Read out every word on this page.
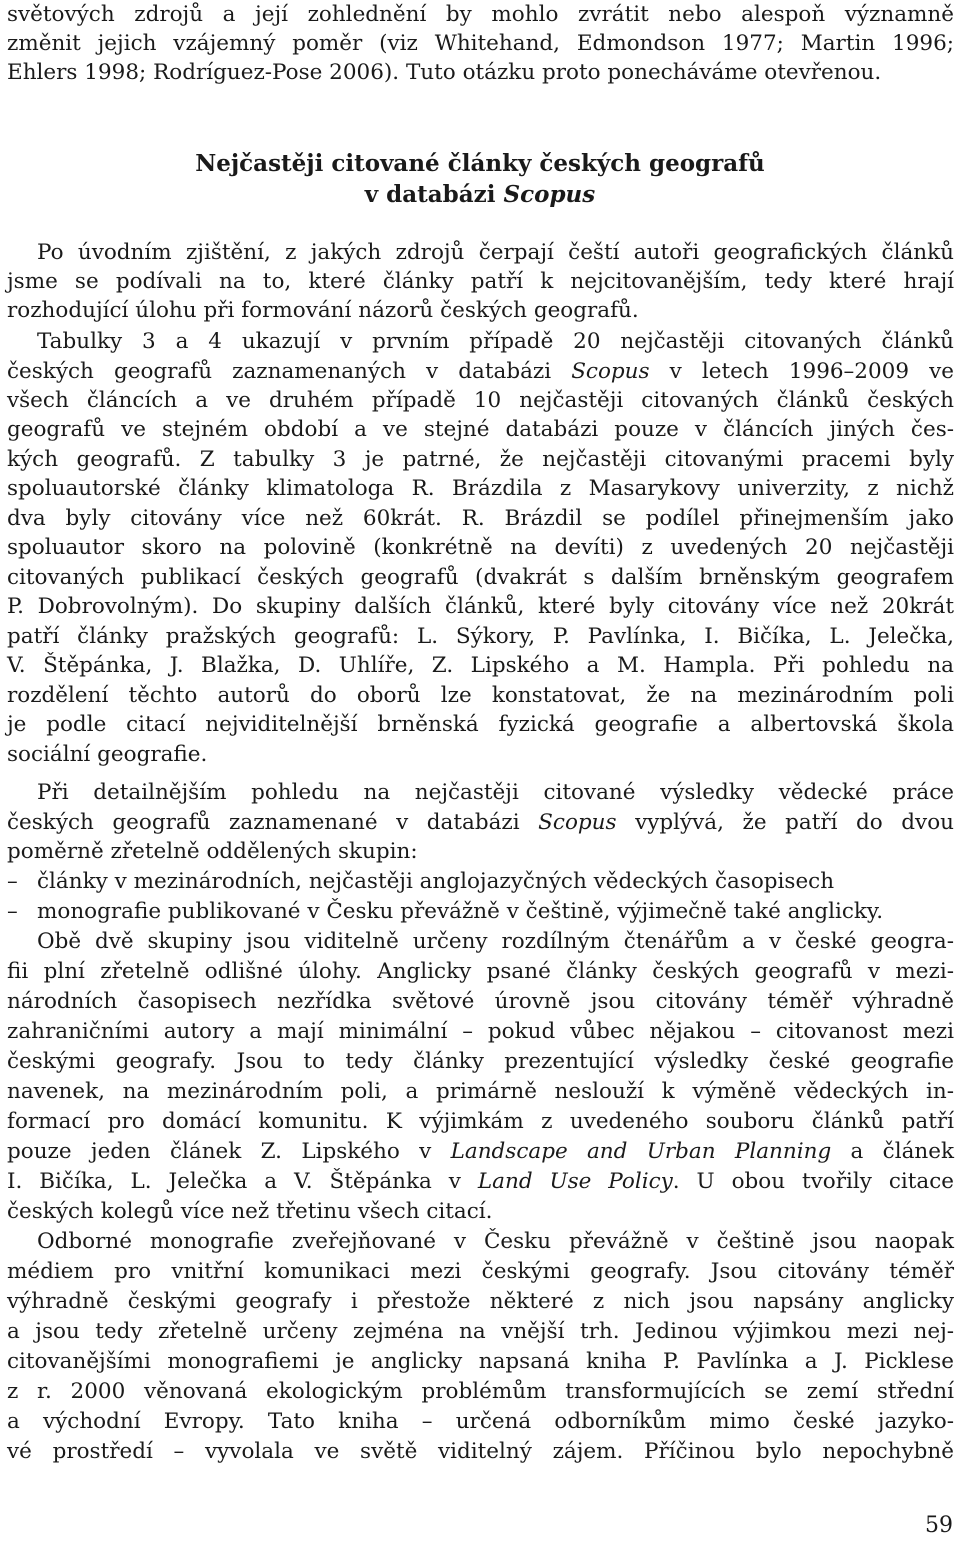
světových zdrojů a její zohlednění by mohlo zvrátit nebo alespoň významně
změnit jejich vzájemný poměr (viz Whitehand, Edmondson 1977; Martin 1996;
Ehlers 1998; Rodríguez-Pose 2006). Tuto otázku proto ponecháváme otevřenou.
Nejčastěji citované články českých geografů
v databázi Scopus
Po úvodním zjištění, z jakých zdrojů čerpají čeští autoři geografických článků
jsme se podívali na to, které články patří k nejcitovanějším, tedy které hrají
rozhodující úlohu při formování názorů českých geografů.
Tabulky 3 a 4 ukazují v prvním případě 20 nejčastěji citovaných článků
českých geografů zaznamenaných v databázi Scopus v letech 1996–2009 ve
všech článcích a ve druhém případě 10 nejčastěji citovaných článků českých
geografů ve stejném období a ve stejné databázi pouze v článcích jiných čes-
kých geografů. Z tabulky 3 je patrné, že nejčastěji citovanými pracemi byly
spoluautorské články klimatologa R. Brázdila z Masarykovy univerzity, z nichž
dva byly citovány více než 60krát. R. Brázdil se podílel přinejmenším jako
spoluautor skoro na polovině (konkrétně na devíti) z uvedených 20 nejčastěji
citovaných publikací českých geografů (dvakrát s dalším brněnským geografem
P. Dobrovolným). Do skupiny dalších článků, které byly citovány více než 20krát
patří články pražských geografů: L. Sýkory, P. Pavlínka, I. Bičíka, L. Jelečka,
V. Štěpánka, J. Blažka, D. Uhlíře, Z. Lipského a M. Hampla. Při pohledu na
rozdělení těchto autorů do oborů lze konstatovat, že na mezinárodním poli
je podle citací nejviditelnější brněnská fyzická geografie a albertovská škola
sociální geografie.
Při detailnějším pohledu na nejčastěji citované výsledky vědecké práce
českých geografů zaznamenané v databázi Scopus vyplývá, že patří do dvou
poměrně zřetelně oddělených skupin:
– články v mezinárodních, nejčastěji anglojazyčných vědeckých časopisech
– monografie publikované v Česku převážně v češtině, výjimečně také anglicky.
Obě dvě skupiny jsou viditelně určeny rozdílným čtenářům a v české geogra-
fii plní zřetelně odlišné úlohy. Anglicky psané články českých geografů v mezi-
národních časopisech nezřídka světové úrovně jsou citovány téměř výhradně
zahraničními autory a mají minimální – pokud vůbec nějakou – citovanost mezi
českými geografy. Jsou to tedy články prezentující výsledky české geografie
navenek, na mezinárodním poli, a primárně neslouží k výměně vědeckých in-
formací pro domácí komunitu. K výjimkám z uvedeného souboru článků patří
pouze jeden článek Z. Lipského v Landscape and Urban Planning a článek
I. Bičíka, L. Jelečka a V. Štěpánka v Land Use Policy. U obou tvořily citace
českých kolegů více než třetinu všech citací.
Odborné monografie zveřejňované v Česku převážně v češtině jsou naopak
médiem pro vnitřní komunikaci mezi českými geografy. Jsou citovány téměř
výhradně českými geografy i přestože některé z nich jsou napsány anglicky
a jsou tedy zřetelně určeny zejména na vnější trh. Jedinou výjimkou mezi nej-
citovanějšími monografiemi je anglicky napsaná kniha P. Pavlínka a J. Picklese
z r. 2000 věnovaná ekologickým problémům transformujících se zemí střední
a východní Evropy. Tato kniha – určená odborníkům mimo české jazyko-
vé prostředí – vyvolala ve světě viditelný zájem. Příčinou bylo nepochybně
59
